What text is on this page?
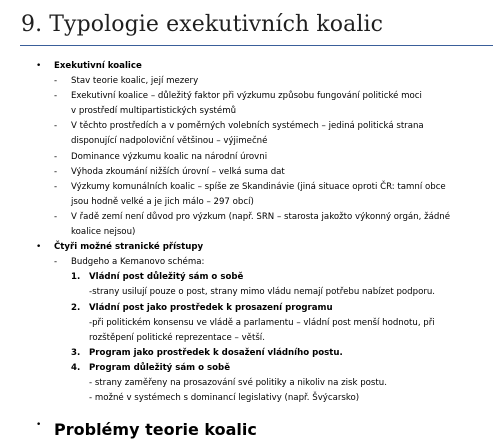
9. Typologie exekutivních koalic
•	Exekutivní koalice
-	Stav teorie koalic, její mezery
-	Exekutivní koalice – důležitý faktor při výzkumu způsobu fungování politické moci
v prostředí multipartistických systémů
-	V těchto prostředích a v poměrných volebních systémech – jediná politická strana
disponující nadpoloviční většinou – výjimečné
-	Dominance výzkumu koalic na národní úrovni
-	Výhoda zkoumání nižších úrovní – velká suma dat
-	Výzkumy komunálních koalic – spíše ze Skandinávie (jiná situace oproti ČR: tamní obce
jsou hodně velké a je jich málo – 297 obcí)
-	V řadě zemí není důvod pro výzkum (např. SRN – starosta jakožto výkonný orgán, žádné
koalice nejsou)
•	Čtyři možné stranické přístupy
-	Budgeho a Kemanovo schéma:
1.	Vládní post důležitý sám o sobě
-strany usilují pouze o post, strany mimo vládu nemají potřebu nabízet podporu.
2.	Vládní post jako prostředek k prosazení programu
-při politickém konsensu ve vládě a parlamentu – vládní post menší hodnotu, při
rozštěpení politické reprezentace – větší.
3.	Program jako prostředek k dosažení vládního postu.
4.	Program důležitý sám o sobě
- strany zaměřeny na prosazování své politiky a nikoliv na zisk postu.
- možné v systémech s dominancí legislativy (např. Švýcarsko)
• Problémy teorie koalic
